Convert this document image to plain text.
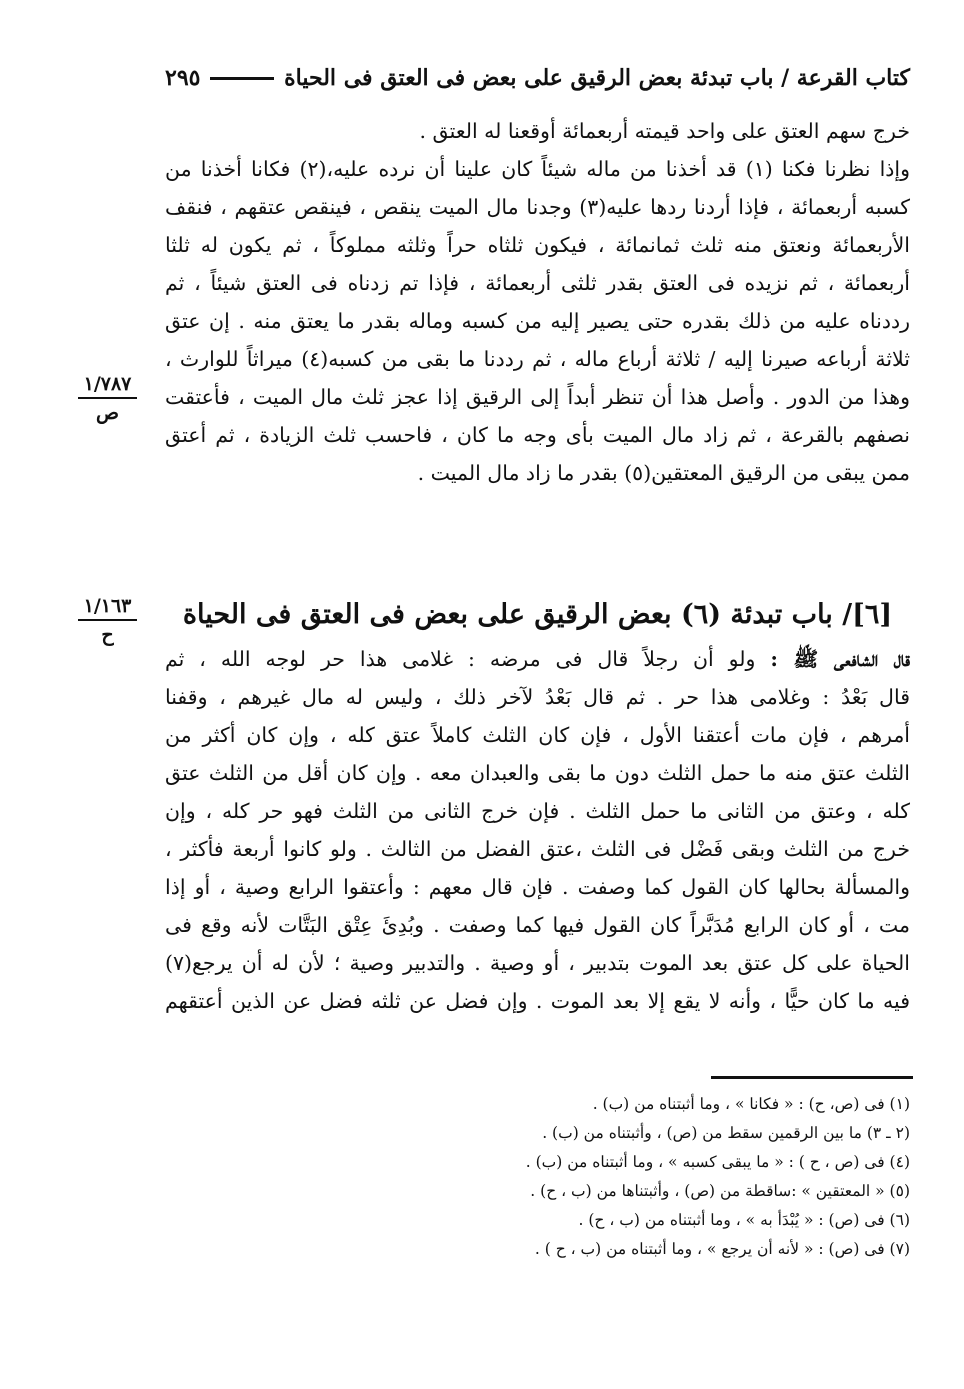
كتاب القرعة / باب تبدئة بعض الرقيق على بعض فى العتق فى الحياة
٢٩٥
خرج سهم العتق على واحد قيمته أربعمائة أوقعنا له العتق .
وإذا نظرنا فكنا (١) قد أخذنا من ماله شيئاً كان علينا أن نرده عليه،(٢) فكانا أخذنا من
كسبه أربعمائة ، فإذا أردنا ردها عليه(٣) وجدنا مال الميت ينقص ، فينقص عتقهم ، فنقف
الأربعمائة ونعتق منه ثلث ثمانمائة ، فيكون ثلثاه حراً وثلثه مملوكاً ، ثم يكون له ثلثا
أربعمائة ، ثم نزيده فى العتق بقدر ثلثى أربعمائة ، فإذا تم زدناه فى العتق شيئاً ، ثم
رددناه عليه من ذلك بقدره حتى يصير إليه من كسبه وماله بقدر ما يعتق منه . إن عتق
ثلاثة أرباعه صيرنا إليه / ثلاثة أرباع ماله ، ثم رددنا ما بقى من كسبه(٤) ميراثاً للوارث ،
وهذا من الدور . وأصل هذا أن تنظر أبداً إلى الرقيق إذا عجز ثلث مال الميت ، فأعتقت
نصفهم بالقرعة ، ثم زاد مال الميت بأى وجه ما كان ، فاحسب ثلث الزيادة ، ثم أعتق
ممن يبقى من الرقيق المعتقين(٥) بقدر ما زاد مال الميت .
١/٧٨٧
ص
١/١٦٣
ح
[٦]/ باب تبدئة (٦) بعض الرقيق على بعض فى العتق فى الحياة
قال الشافعى ﷺ : ولو أن رجلاً قال فى مرضه : غلامى هذا حر لوجه الله ، ثم
قال بَعْدُ : وغلامى هذا حر . ثم قال بَعْدُ لآخر ذلك ، وليس له مال غيرهم ، وقفنا
أمرهم ، فإن مات أعتقنا الأول ، فإن كان الثلث كاملاً عتق كله ، وإن كان أكثر من
الثلث عتق منه ما حمل الثلث دون ما بقى والعبدان معه . وإن كان أقل من الثلث عتق
كله ، وعتق من الثانى ما حمل الثلث . فإن خرج الثانى من الثلث فهو حر كله ، وإن
خرج من الثلث وبقى فَضْل فى الثلث ،عتق الفضل من الثالث . ولو كانوا أربعة فأكثر ،
والمسألة بحالها كان القول كما وصفت . فإن قال معهم : وأعتقوا الرابع وصية ، أو إذا
مت ، أو كان الرابع مُدَبَّراً كان القول فيها كما وصفت . وبُدِئَ عِتْق البَتَّات لأنه وقع فى
الحياة على كل عتق بعد الموت بتدبير ، أو وصية . والتدبير وصية ؛ لأن له أن يرجع(٧)
فيه ما كان حيًّا ، وأنه لا يقع إلا بعد الموت . وإن فضل عن ثلثه فضل عن الذين أعتقهم
(١) فى (ص، ح) : « فكانا » ، وما أثبتناه من (ب) .
(٢ ـ ٣) ما بين الرقمين سقط من (ص) ، وأثبتناه من (ب) .
(٤) فى (ص ، ح ) : « ما يبقى كسبه » ، وما أثبتناه من (ب) .
(٥) « المعتقين » :ساقطة من (ص) ، وأثبتناها من (ب ، ح) .
(٦) فى (ص) : « يُبْدَأ به » ، وما أثبتناه من (ب ، ح) .
(٧) فى (ص) : « لأنه أن يرجع » ، وما أثبتناه من (ب ، ح ) .
